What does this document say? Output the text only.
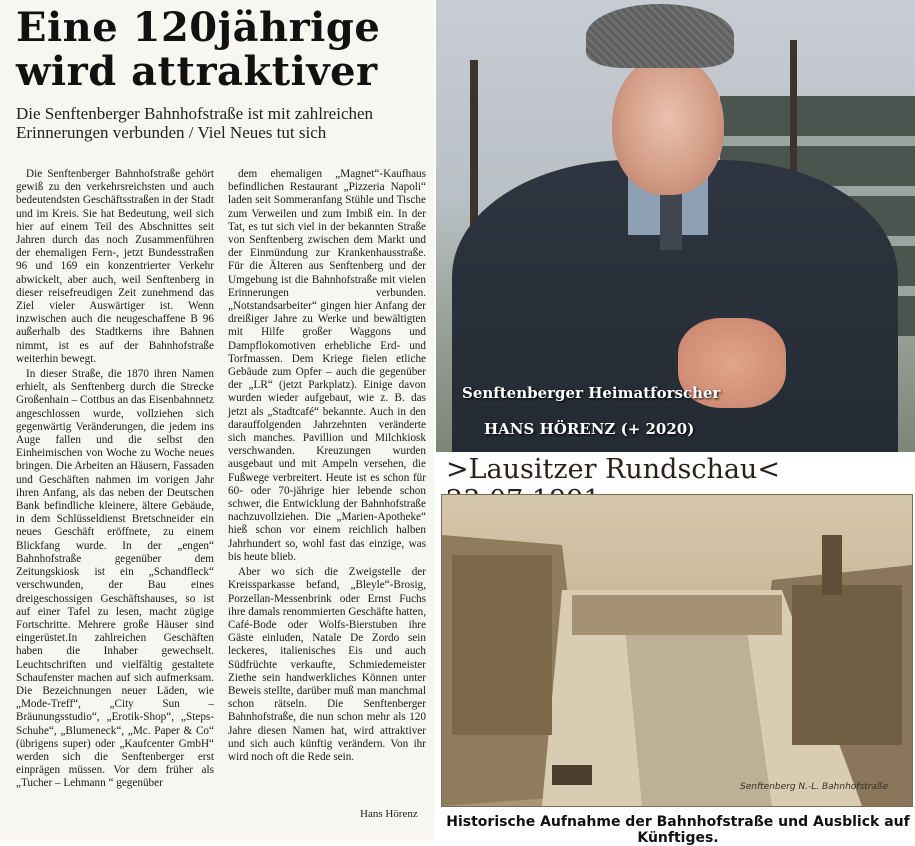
Eine 120jährige
wird attraktiver
Die Senftenberger Bahnhofstraße ist mit zahlreichen Erinnerungen verbunden / Viel Neues tut sich

Die Senftenberger Bahnhofstraße gehört gewiß zu den verkehrsreichsten und auch bedeutendsten Geschäftsstraßen in der Stadt und im Kreis. Sie hat Bedeutung, weil sich hier auf einem Teil des Abschnittes seit Jahren durch das noch Zusammenführen der ehemaligen Fern-, jetzt Bundesstraßen 96 und 169 ein konzentrierter Verkehr abwickelt, aber auch, weil Senftenberg in dieser reisefreudigen Zeit zunehmend das Ziel vieler Auswärtiger ist. Wenn inzwischen auch die neugeschaffene B 96 außerhalb des Stadtkerns ihre Bahnen nimmt, ist es auf der Bahnhofstraße weiterhin bewegt.

In dieser Straße, die 1870 ihren Namen erhielt, als Senftenberg durch die Strecke Großenhain – Cottbus an das Eisenbahnnetz angeschlossen wurde, vollziehen sich gegenwärtig Veränderungen, die jedem ins Auge fallen und die selbst den Einheimischen von Woche zu Woche neues bringen. Die Arbeiten an Häusern, Fassaden und Geschäften nahmen im vorigen Jahr ihren Anfang, als das neben der Deutschen Bank befindliche kleinere, ältere Gebäude, in dem Schlüsseldienst Bretschneider ein neues Geschäft eröffnete, zu einem Blickfang wurde. In der „engen“ Bahnhofstraße gegenüber dem Zeitungskiosk ist ein „Schandfleck“ verschwunden, der Bau eines dreigeschossigen Geschäftshauses, so ist auf einer Tafel zu lesen, macht zügige Fortschritte. Mehrere große Häuser sind eingerüstet.In zahlreichen Geschäften haben die Inhaber gewechselt. Leuchtschriften und vielfältig gestaltete Schaufenster machen auf sich aufmerksam. Die Bezeichnungen neuer Läden, wie „Mode-Treff“, „City Sun – Bräunungsstudio“, „Erotik-Shop“, „Steps-Schuhe“, „Blumeneck“, „Mc. Paper & Co“ (übrigens super) oder „Kaufcenter GmbH“ werden sich die Senftenberger erst einprägen müssen. Vor dem früher als „Tucher – Lehmann “ gegenüber

dem ehemaligen „Magnet“-Kaufhaus befindlichen Restaurant „Pizzeria Napoli“ laden seit Sommeranfang Stühle und Tische zum Verweilen und zum Imbiß ein. In der Tat, es tut sich viel in der bekannten Straße von Senftenberg zwischen dem Markt und der Einmündung zur Krankenhausstraße. Für die Älteren aus Senftenberg und der Umgebung ist die Bahnhofstraße mit vielen Erinnerungen verbunden. „Notstandsarbeiter“ gingen hier Anfang der dreißiger Jahre zu Werke und bewältigten mit Hilfe großer Waggons und Dampflokomotiven erhebliche Erd- und Torfmassen. Dem Kriege fielen etliche Gebäude zum Opfer – auch die gegenüber der „LR“ (jetzt Parkplatz). Einige davon wurden wieder aufgebaut, wie z. B. das jetzt als „Stadtcafé“ bekannte. Auch in den darauffolgenden Jahrzehnten veränderte sich manches. Pavillion und Milchkiosk verschwanden. Kreuzungen wurden ausgebaut und mit Ampeln versehen, die Fußwege verbreitert. Heute ist es schon für 60- oder 70-jährige hier lebende schon schwer, die Entwicklung der Bahnhofstraße nachzuvollziehen. Die „Marien-Apotheke“ hieß schon vor einem reichlich halben Jahrhundert so, wohl fast das einzige, was bis heute blieb.

Aber wo sich die Zweigstelle der Kreissparkasse befand, „Bleyle“-Brosig, Porzellan-Messenbrink oder Ernst Fuchs ihre damals renommierten Geschäfte hatten, Café-Bode oder Wolfs-Bierstuben ihre Gäste einluden, Natale De Zordo sein leckeres, italienisches Eis und auch Südfrüchte verkaufte, Schmiedemeister Ziethe sein handwerkliches Können unter Beweis stellte, darüber muß man manchmal schon rätseln. Die Senftenberger Bahnhofstraße, die nun schon mehr als 120 Jahre diesen Namen hat, wird attraktiver und sich auch künftig verändern. Von ihr wird noch oft die Rede sein.

Hans Hörenz
Senftenberger Heimatforscher
HANS HÖRENZ (+ 2020)
>Lausitzer Rundschau<
Senftenberg N.-L. Bahnhofstraße
Historische Aufnahme der Bahnhofstraße und Ausblick auf Künftiges.
